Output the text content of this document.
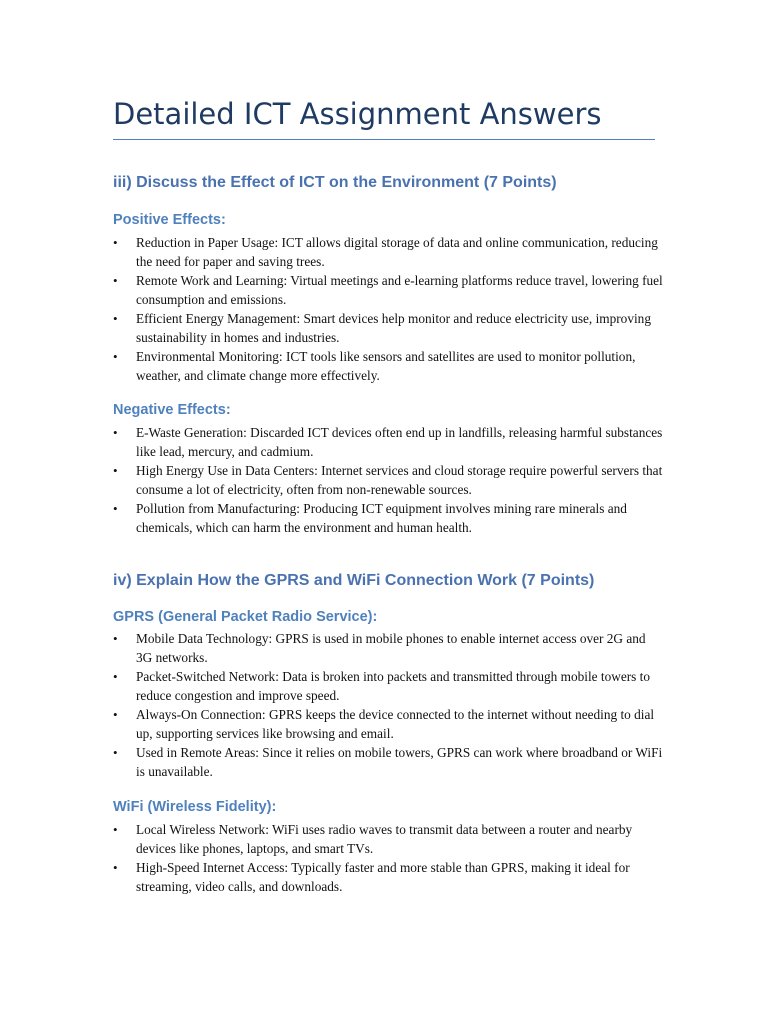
Detailed ICT Assignment Answers
iii) Discuss the Effect of ICT on the Environment (7 Points)
Positive Effects:
• Reduction in Paper Usage: ICT allows digital storage of data and online communication, reducing the need for paper and saving trees.
• Remote Work and Learning: Virtual meetings and e-learning platforms reduce travel, lowering fuel consumption and emissions.
• Efficient Energy Management: Smart devices help monitor and reduce electricity use, improving sustainability in homes and industries.
• Environmental Monitoring: ICT tools like sensors and satellites are used to monitor pollution, weather, and climate change more effectively.
Negative Effects:
• E-Waste Generation: Discarded ICT devices often end up in landfills, releasing harmful substances like lead, mercury, and cadmium.
• High Energy Use in Data Centers: Internet services and cloud storage require powerful servers that consume a lot of electricity, often from non-renewable sources.
• Pollution from Manufacturing: Producing ICT equipment involves mining rare minerals and chemicals, which can harm the environment and human health.
iv) Explain How the GPRS and WiFi Connection Work (7 Points)
GPRS (General Packet Radio Service):
• Mobile Data Technology: GPRS is used in mobile phones to enable internet access over 2G and 3G networks.
• Packet-Switched Network: Data is broken into packets and transmitted through mobile towers to reduce congestion and improve speed.
• Always-On Connection: GPRS keeps the device connected to the internet without needing to dial up, supporting services like browsing and email.
• Used in Remote Areas: Since it relies on mobile towers, GPRS can work where broadband or WiFi is unavailable.
WiFi (Wireless Fidelity):
• Local Wireless Network: WiFi uses radio waves to transmit data between a router and nearby devices like phones, laptops, and smart TVs.
• High-Speed Internet Access: Typically faster and more stable than GPRS, making it ideal for streaming, video calls, and downloads.
